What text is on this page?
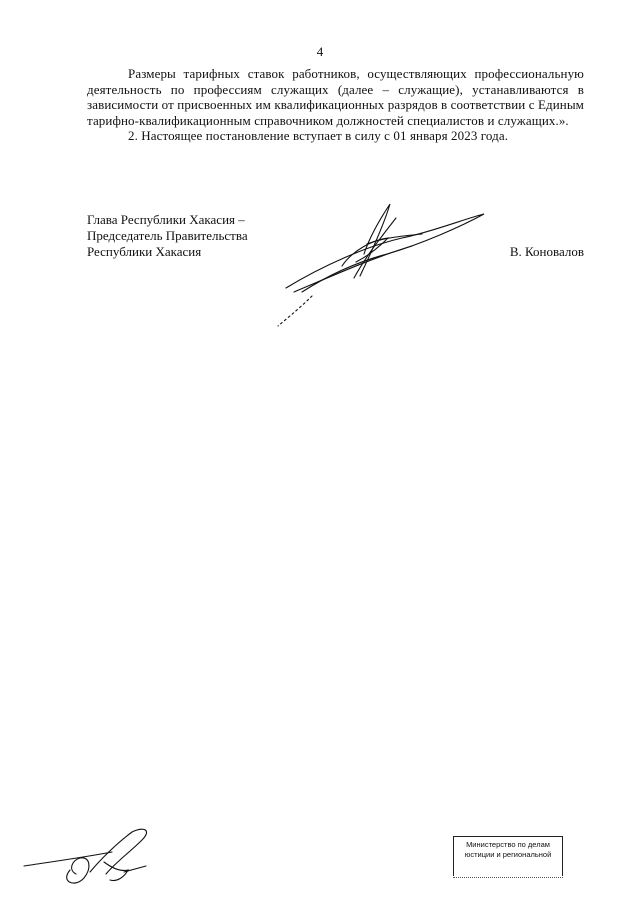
4

Размеры тарифных ставок работников, осуществляющих профессиональную деятельность по профессиям служащих (далее – служащие), устанавливаются в зависимости от присвоенных им квалификационных разрядов в соответствии с Единым тарифно-квалификационным справочником должностей специалистов и служащих.».

2. Настоящее постановление вступает в силу с 01 января 2023 года.

Глава Республики Хакасия –
Председатель Правительства
Республики Хакасия	В. Коновалов
Министерство по делам
юстиции и региональной
